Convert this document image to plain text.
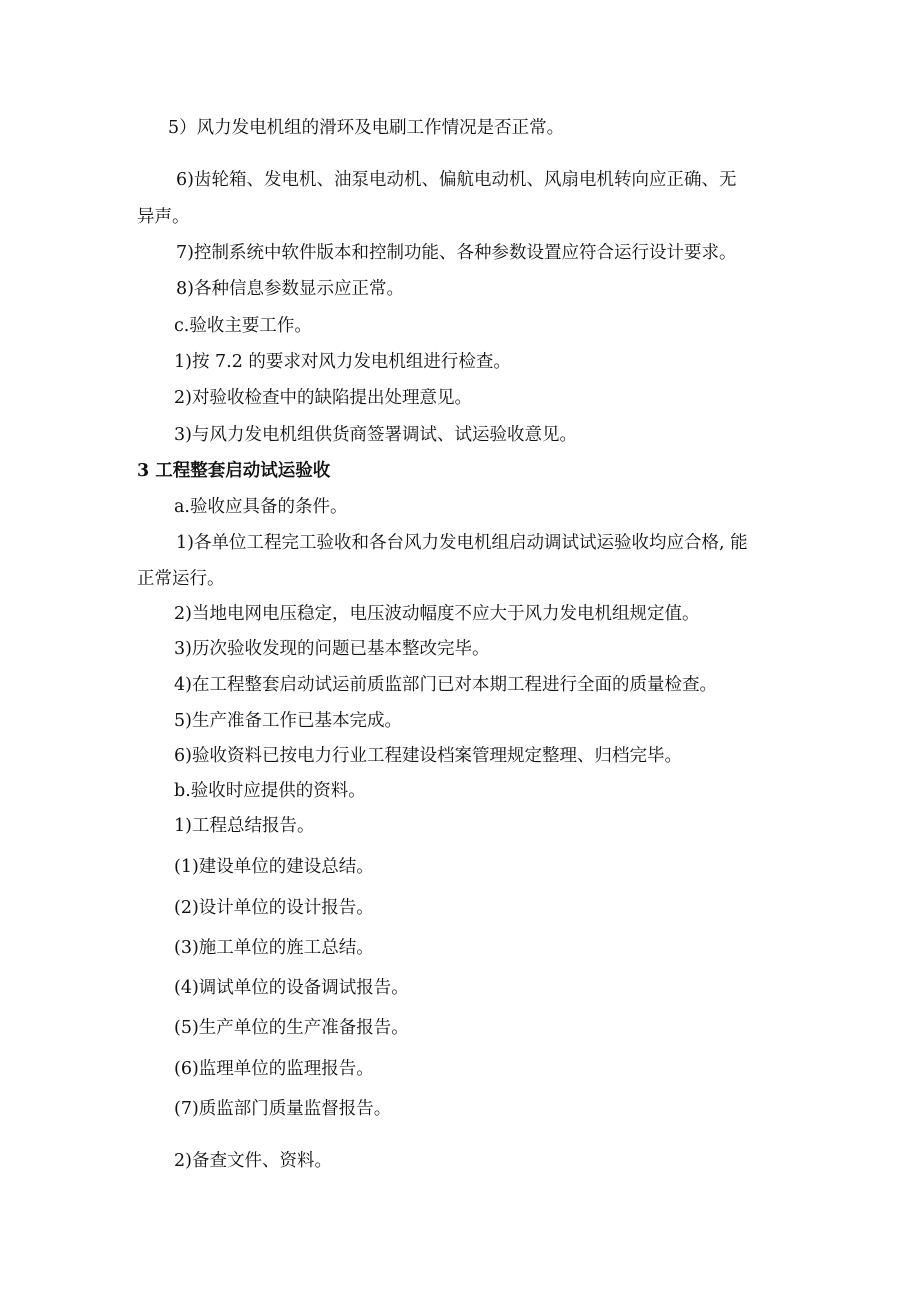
5）风力发电机组的滑环及电刷工作情况是否正常。
6)齿轮箱、发电机、油泵电动机、偏航电动机、风扇电机转向应正确、无
异声。
7)控制系统中软件版本和控制功能、各种参数设置应符合运行设计要求。
8)各种信息参数显示应正常。
c.验收主要工作。
1)按 7.2 的要求对风力发电机组进行检查。
2)对验收检查中的缺陷提出处理意见。
3)与风力发电机组供货商签署调试、试运验收意见。
3 工程整套启动试运验收
a.验收应具备的条件。
1)各单位工程完工验收和各台风力发电机组启动调试试运验收均应合格, 能
正常运行。
2)当地电网电压稳定，电压波动幅度不应大于风力发电机组规定值。
3)历次验收发现的问题已基本整改完毕。
4)在工程整套启动试运前质监部门已对本期工程进行全面的质量检查。
5)生产准备工作已基本完成。
6)验收资料已按电力行业工程建设档案管理规定整理、归档完毕。
b.验收时应提供的资料。
1)工程总结报告。
(1)建设单位的建设总结。
(2)设计单位的设计报告。
(3)施工单位的旌工总结。
(4)调试单位的设备调试报告。
(5)生产单位的生产准备报告。
(6)监理单位的监理报告。
(7)质监部门质量监督报告。
2)备查文件、资料。
